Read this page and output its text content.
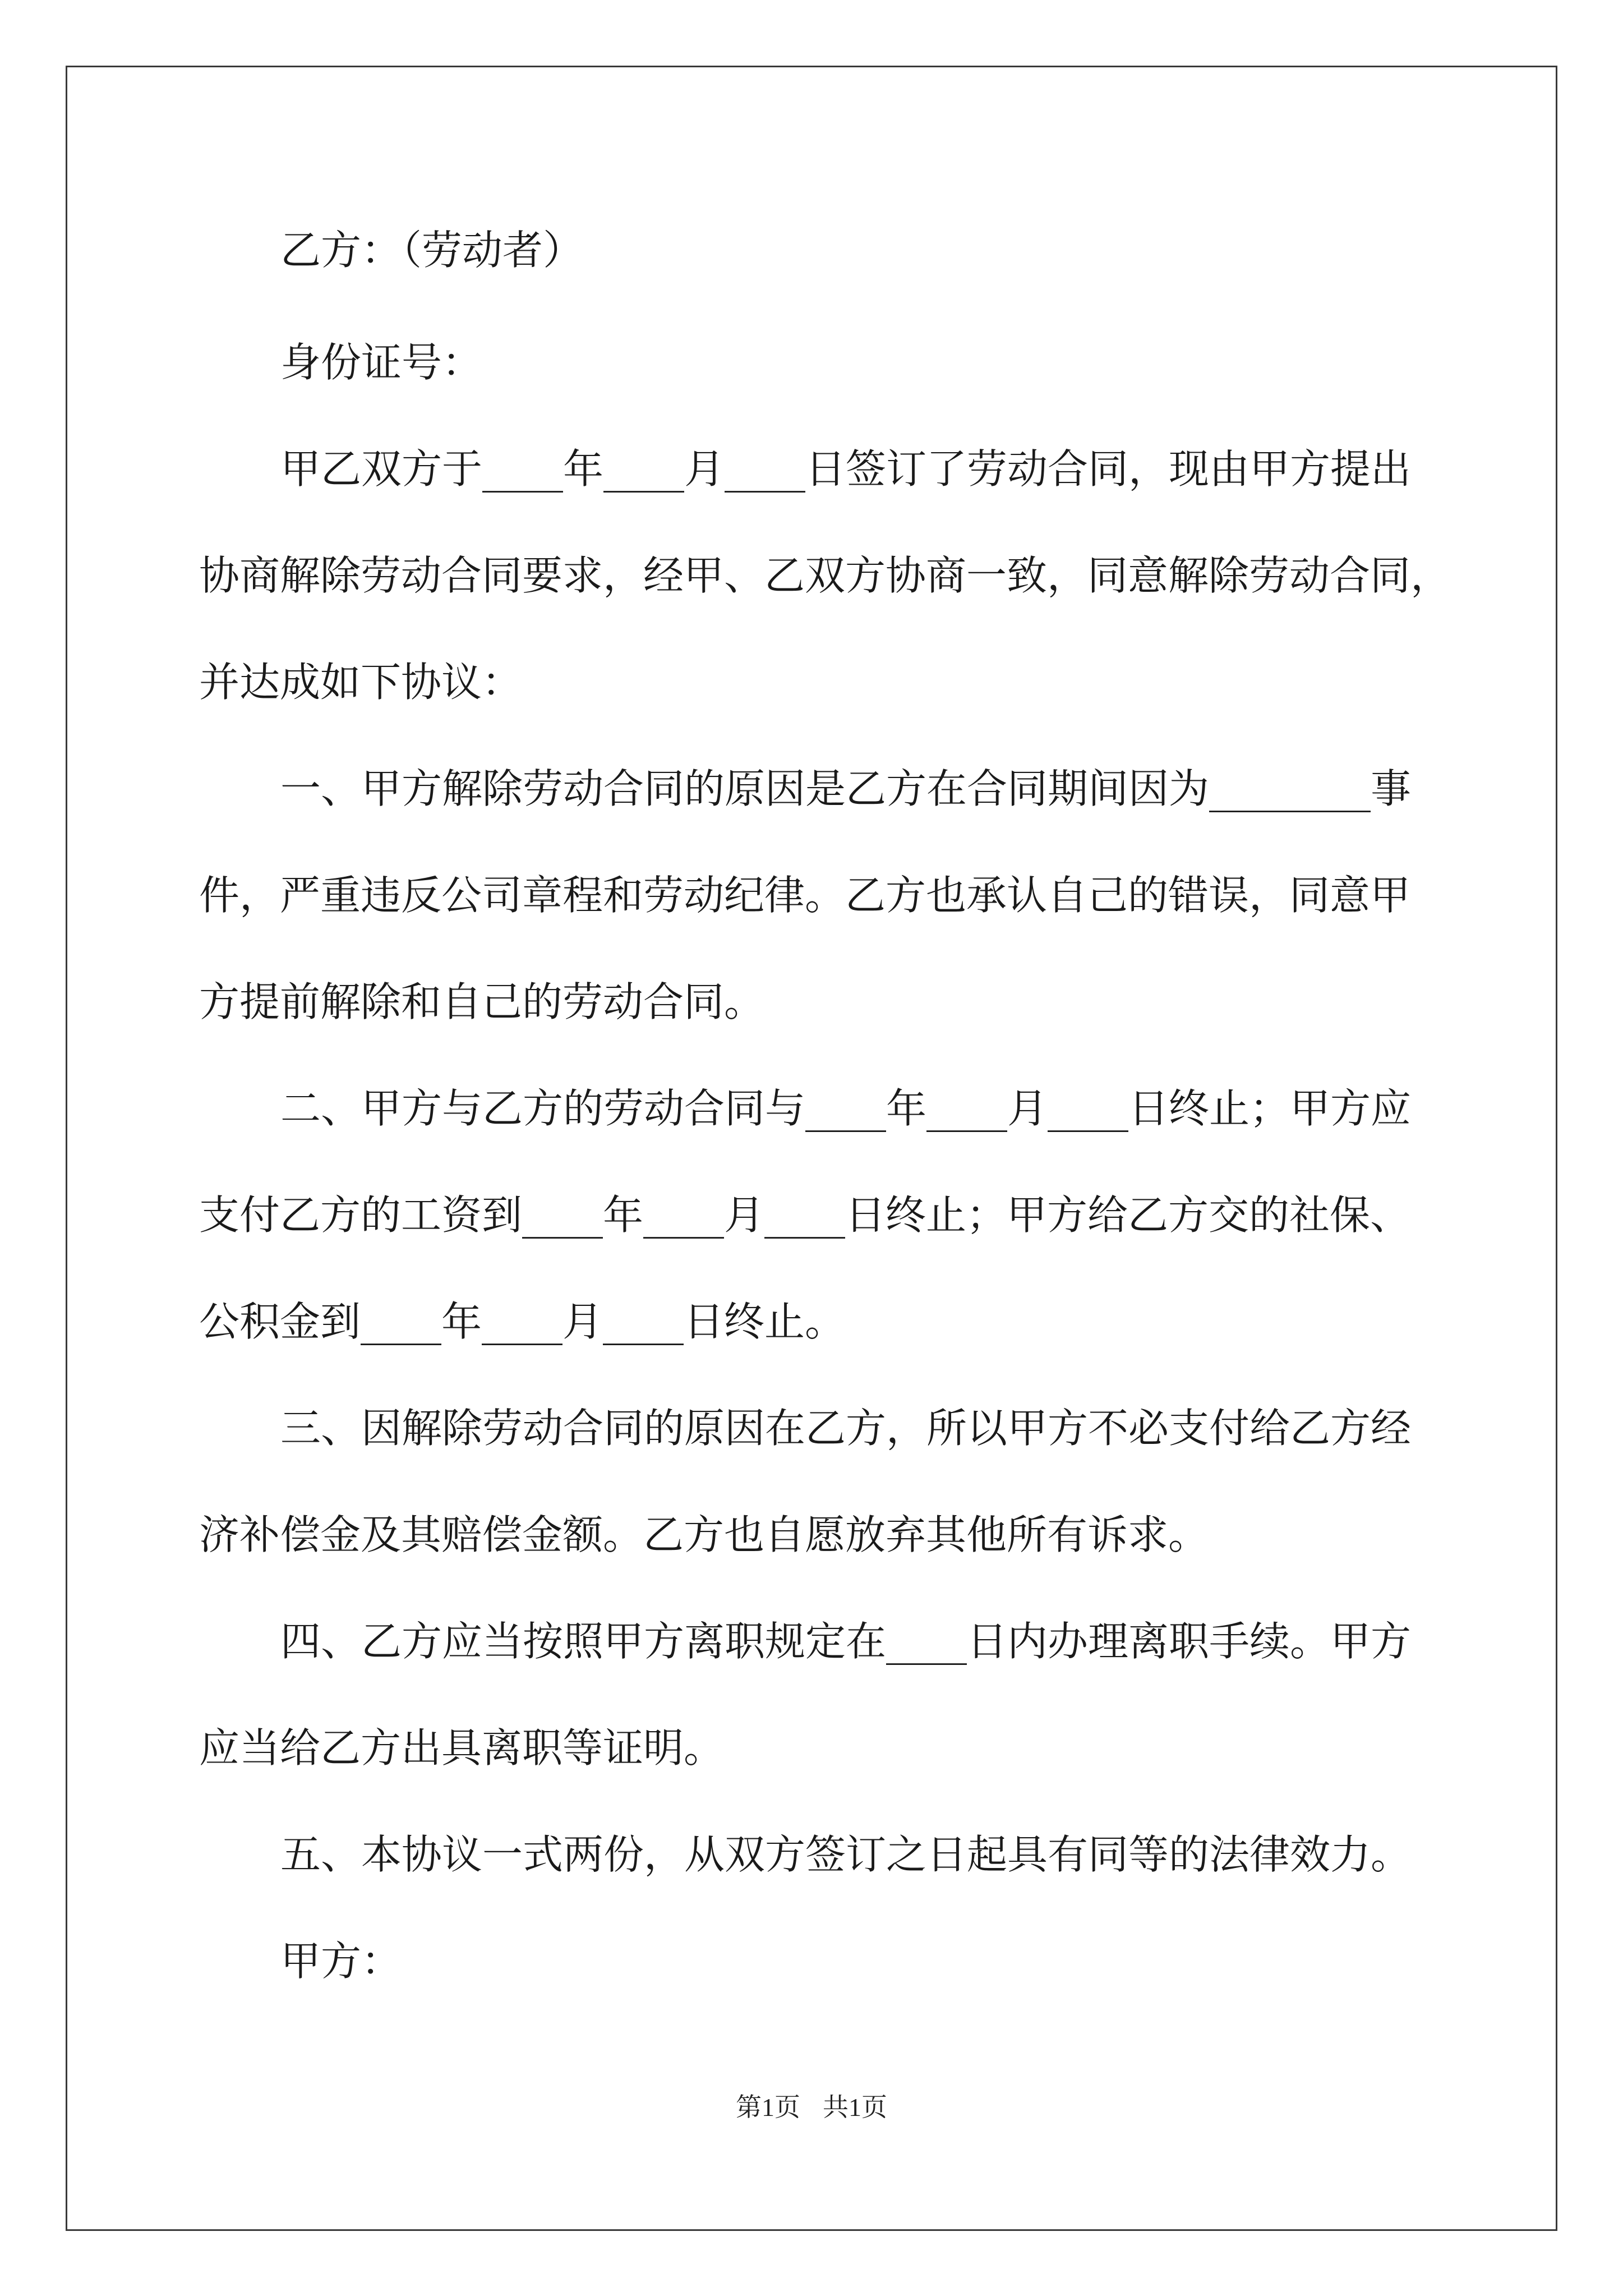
乙方：（劳动者）
身份证号：
甲乙双方于____年____月____日签订了劳动合同，现由甲方提出
协商解除劳动合同要求，经甲、乙双方协商一致，同意解除劳动合同，
并达成如下协议：
一、甲方解除劳动合同的原因是乙方在合同期间因为________事
件，严重违反公司章程和劳动纪律。乙方也承认自己的错误，同意甲
方提前解除和自己的劳动合同。
二、甲方与乙方的劳动合同与____年____月____日终止；甲方应
支付乙方的工资到____年____月____日终止；甲方给乙方交的社保、
公积金到____年____月____日终止。
三、因解除劳动合同的原因在乙方，所以甲方不必支付给乙方经
济补偿金及其赔偿金额。乙方也自愿放弃其他所有诉求。
四、乙方应当按照甲方离职规定在____日内办理离职手续。甲方
应当给乙方出具离职等证明。
五、本协议一式两份，从双方签订之日起具有同等的法律效力。
甲方：
第1页 共1页
